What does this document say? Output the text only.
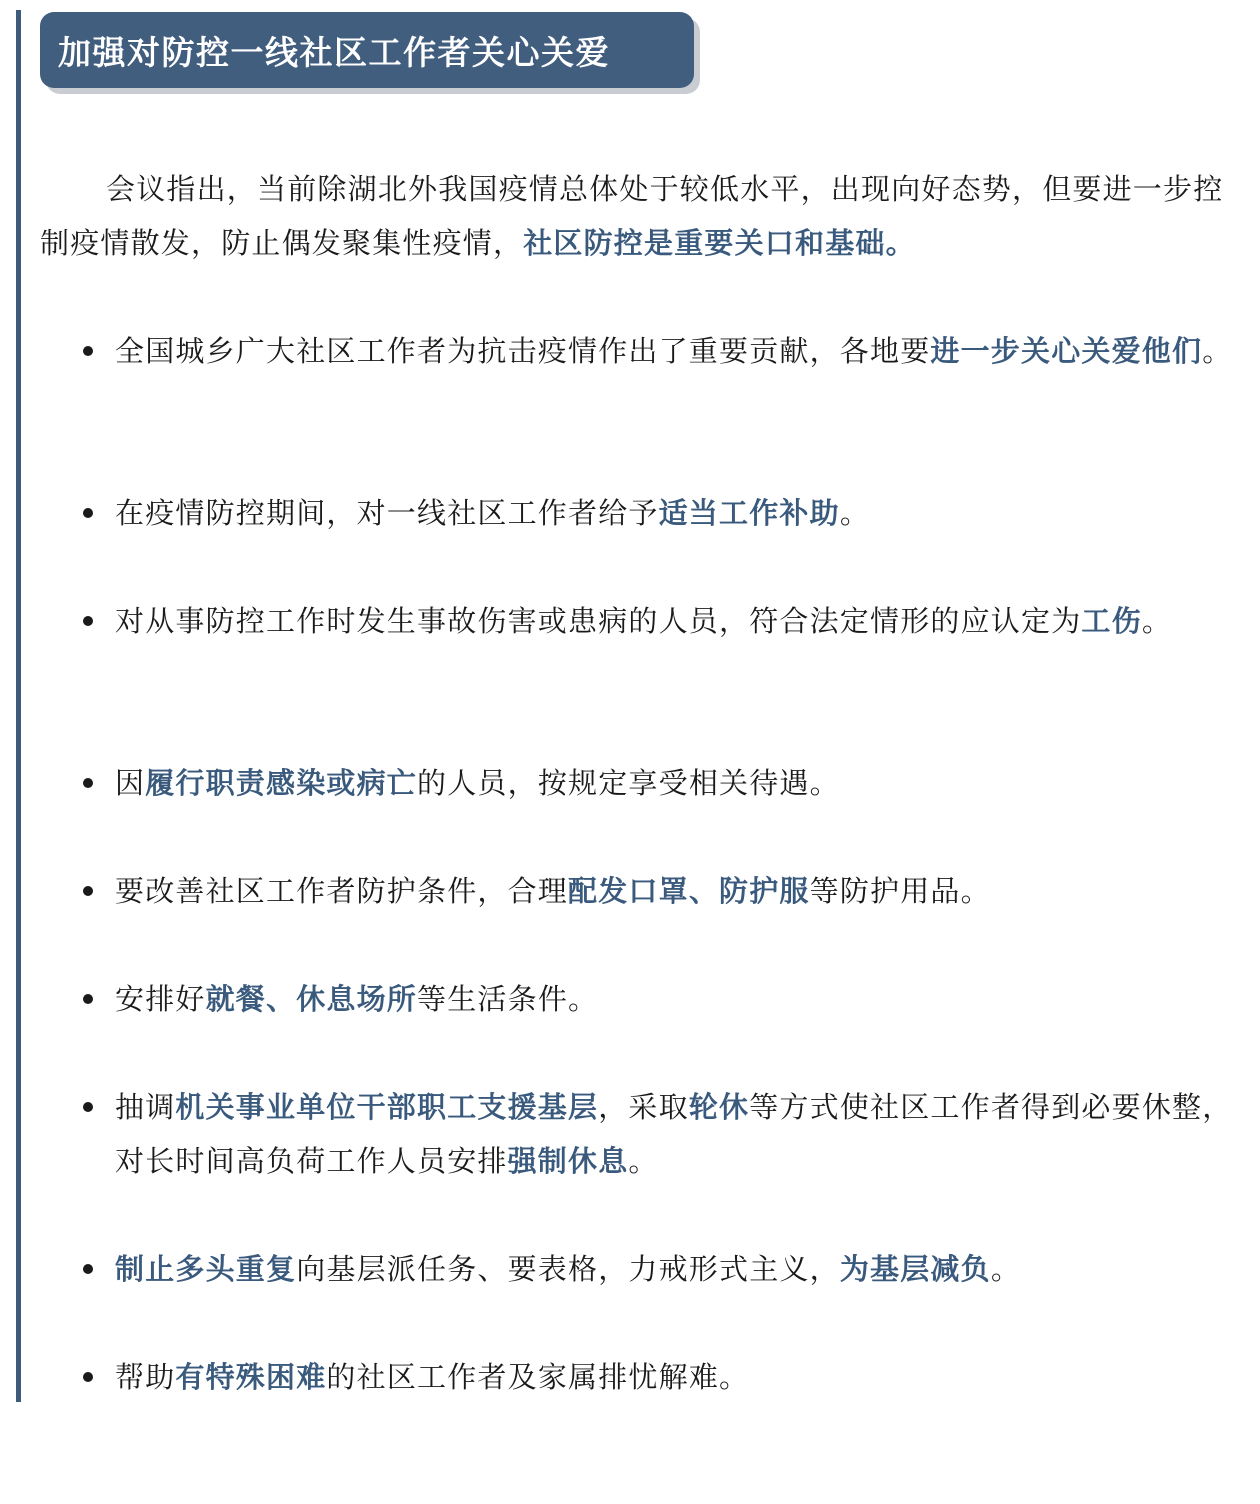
加强对防控一线社区工作者关心关爱

会议指出，当前除湖北外我国疫情总体处于较低水平，出现向好态势，但要进一步控制疫情散发，防止偶发聚集性疫情，社区防控是重要关口和基础。

全国城乡广大社区工作者为抗击疫情作出了重要贡献，各地要进一步关心关爱他们。
在疫情防控期间，对一线社区工作者给予适当工作补助。
对从事防控工作时发生事故伤害或患病的人员，符合法定情形的应认定为工伤。
因履行职责感染或病亡的人员，按规定享受相关待遇。
要改善社区工作者防护条件，合理配发口罩、防护服等防护用品。
安排好就餐、休息场所等生活条件。
抽调机关事业单位干部职工支援基层，采取轮休等方式使社区工作者得到必要休整，对长时间高负荷工作人员安排强制休息。
制止多头重复向基层派任务、要表格，力戒形式主义，为基层减负。
帮助有特殊困难的社区工作者及家属排忧解难。
